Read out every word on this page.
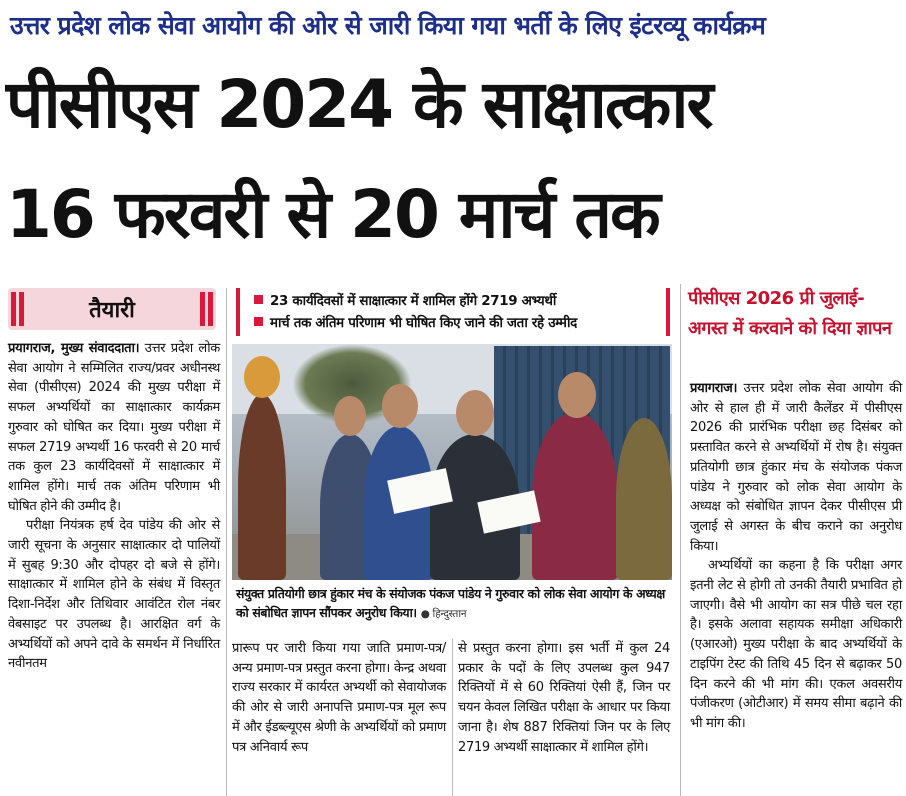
उत्तर प्रदेश लोक सेवा आयोग की ओर से जारी किया गया भर्ती के लिए इंटरव्यू कार्यक्रम
पीसीएस 2024 के साक्षात्कार
16 फरवरी से 20 मार्च तक
तैयारी	23 कार्यदिवसों में साक्षात्कार में शामिल होंगे 2719 अभ्यर्थी
मार्च तक अंतिम परिणाम भी घोषित किए जाने की जता रहे उम्मीद
संयुक्त प्रतियोगी छात्र हुंकार मंच के संयोजक पंकज पांडेय ने गुरुवार को लोक सेवा आयोग के अध्यक्ष को संबोधित ज्ञापन सौंपकर अनुरोध किया। ● हिन्दुस्तान

प्रयागराज, मुख्य संवाददाता। उत्तर प्रदेश लोक सेवा आयोग ने सम्मिलित राज्य/प्रवर अधीनस्थ सेवा (पीसीएस) 2024 की मुख्य परीक्षा में सफल अभ्यर्थियों का साक्षात्कार कार्यक्रम गुरुवार को घोषित कर दिया। मुख्य परीक्षा में सफल 2719 अभ्यर्थी 16 फरवरी से 20 मार्च तक कुल 23 कार्यदिवसों में साक्षात्कार में शामिल होंगे। मार्च तक अंतिम परिणाम भी घोषित होने की उम्मीद है।

परीक्षा नियंत्रक हर्ष देव पांडेय की ओर से जारी सूचना के अनुसार साक्षात्कार दो पालियों में सुबह 9:30 और दोपहर दो बजे से होंगे। साक्षात्कार में शामिल होने के संबंध में विस्तृत दिशा-निर्देश और तिथिवार आवंटित रोल नंबर वेबसाइट पर उपलब्ध है। आरक्षित वर्ग के अभ्यर्थियों को अपने दावे के समर्थन में निर्धारित नवीनतम

प्रारूप पर जारी किया गया जाति प्रमाण-पत्र/अन्य प्रमाण-पत्र प्रस्तुत करना होगा। केन्द्र अथवा राज्य सरकार में कार्यरत अभ्यर्थी को सेवायोजक की ओर से जारी अनापत्ति प्रमाण-पत्र मूल रूप में और ईडब्ल्यूएस श्रेणी के अभ्यर्थियों को प्रमाण पत्र अनिवार्य रूप

से प्रस्तुत करना होगा। इस भर्ती में कुल 24 प्रकार के पदों के लिए उपलब्ध कुल 947 रिक्तियों में से 60 रिक्तियां ऐसी हैं, जिन पर चयन केवल लिखित परीक्षा के आधार पर किया जाना है। शेष 887 रिक्तियां जिन पर के लिए 2719 अभ्यर्थी साक्षात्कार में शामिल होंगे।

पीसीएस 2026 प्री जुलाई-अगस्त में करवाने को दिया ज्ञापन

प्रयागराज। उत्तर प्रदेश लोक सेवा आयोग की ओर से हाल ही में जारी कैलेंडर में पीसीएस 2026 की प्रारंभिक परीक्षा छह दिसंबर को प्रस्तावित करने से अभ्यर्थियों में रोष है। संयुक्त प्रतियोगी छात्र हुंकार मंच के संयोजक पंकज पांडेय ने गुरुवार को लोक सेवा आयोग के अध्यक्ष को संबोधित ज्ञापन देकर पीसीएस प्री जुलाई से अगस्त के बीच कराने का अनुरोध किया।

अभ्यर्थियों का कहना है कि परीक्षा अगर इतनी लेट से होगी तो उनकी तैयारी प्रभावित हो जाएगी। वैसे भी आयोग का सत्र पीछे चल रहा है। इसके अलावा सहायक समीक्षा अधिकारी (एआरओ) मुख्य परीक्षा के बाद अभ्यर्थियों के टाइपिंग टेस्ट की तिथि 45 दिन से बढ़ाकर 50 दिन करने की भी मांग की। एकल अवसरीय पंजीकरण (ओटीआर) में समय सीमा बढ़ाने की भी मांग की।
